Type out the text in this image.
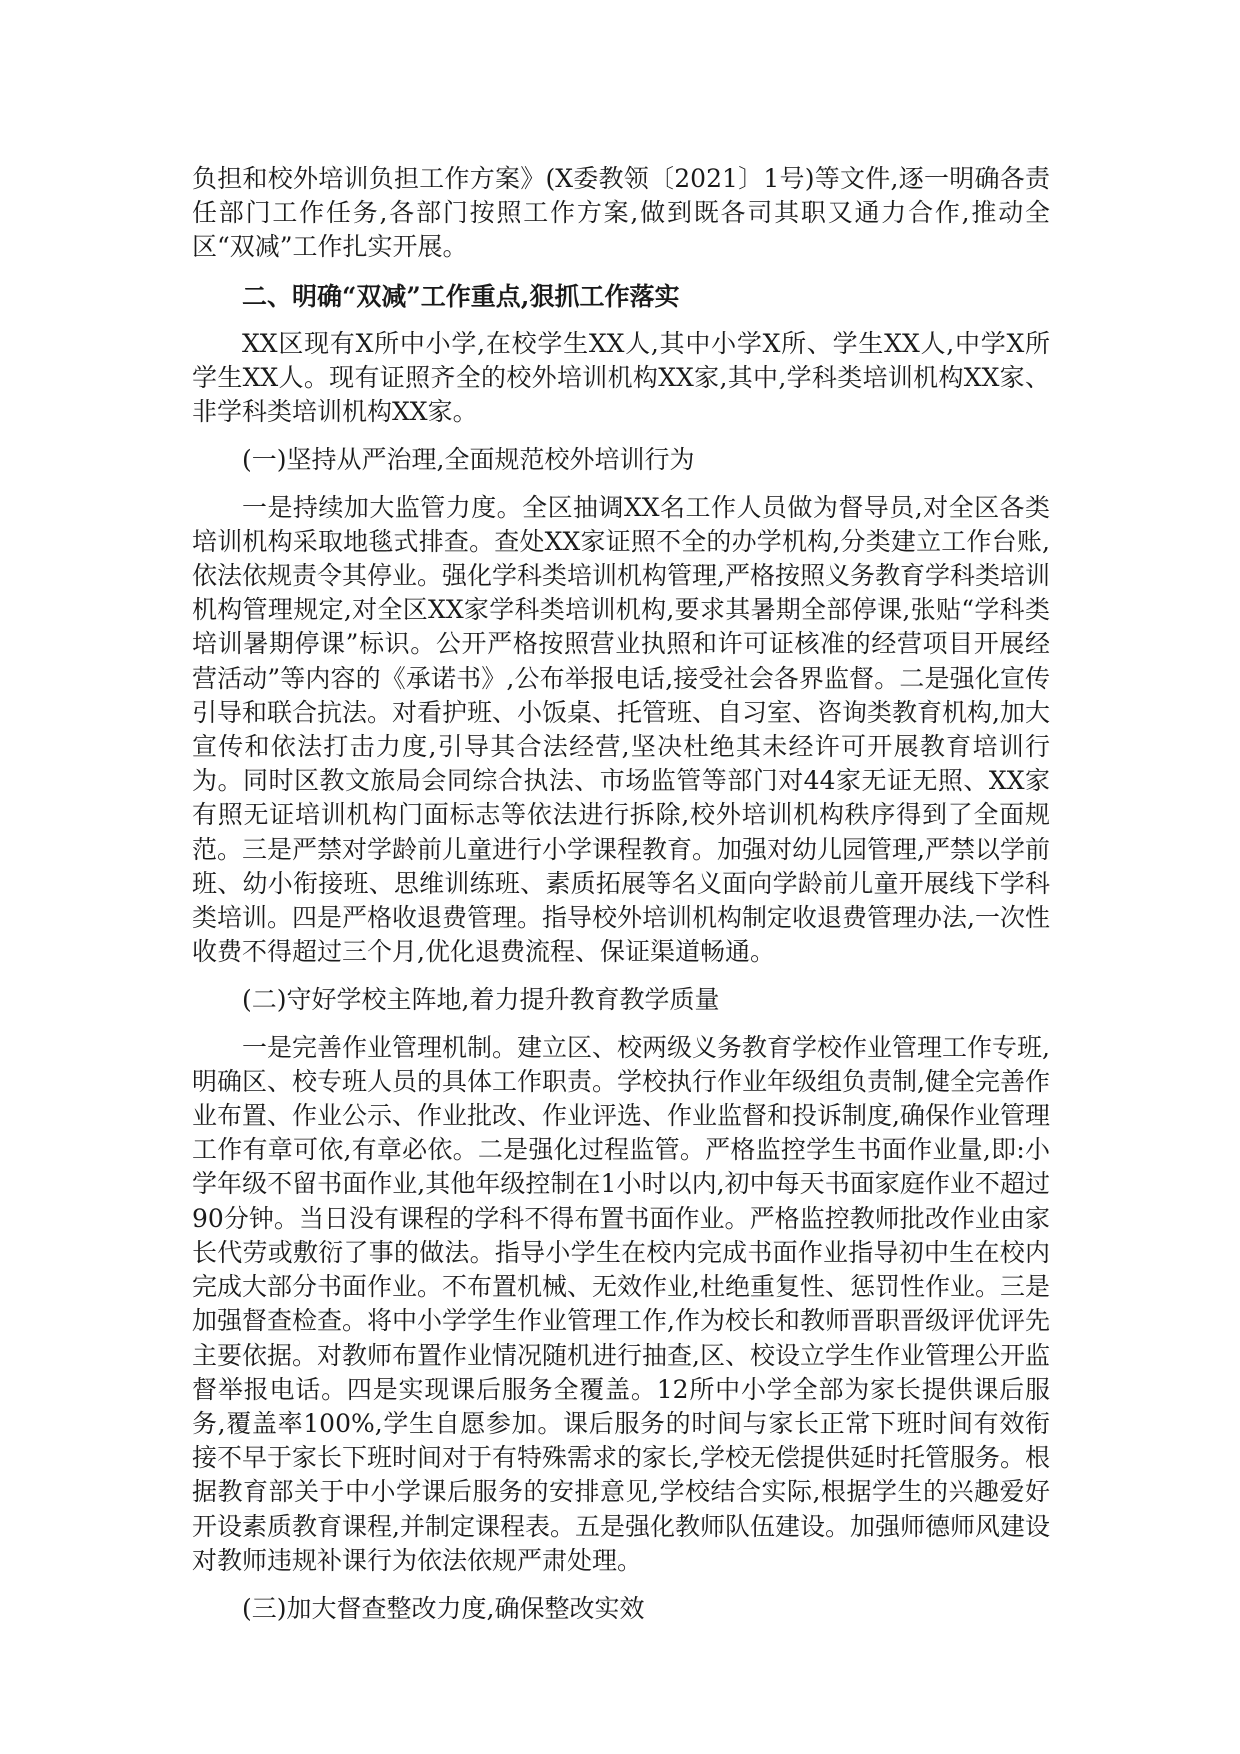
负担和校外培训负担工作方案》(X委教领〔2021〕1号)等文件,逐一明确各责任部门工作任务,各部门按照工作方案,做到既各司其职又通力合作,推动全区“双减”工作扎实开展。

二、明确“双减”工作重点,狠抓工作落实

XX区现有X所中小学,在校学生XX人,其中小学X所、学生XX人,中学X所学生XX人。现有证照齐全的校外培训机构XX家,其中,学科类培训机构XX家、非学科类培训机构XX家。

(一)坚持从严治理,全面规范校外培训行为

一是持续加大监管力度。全区抽调XX名工作人员做为督导员,对全区各类培训机构采取地毯式排查。查处XX家证照不全的办学机构,分类建立工作台账,依法依规责令其停业。强化学科类培训机构管理,严格按照义务教育学科类培训机构管理规定,对全区XX家学科类培训机构,要求其暑期全部停课,张贴“学科类培训暑期停课”标识。公开严格按照营业执照和许可证核准的经营项目开展经营活动”等内容的《承诺书》,公布举报电话,接受社会各界监督。二是强化宣传引导和联合抗法。对看护班、小饭桌、托管班、自习室、咨询类教育机构,加大宣传和依法打击力度,引导其合法经营,坚决杜绝其未经许可开展教育培训行为。同时区教文旅局会同综合执法、市场监管等部门对44家无证无照、XX家有照无证培训机构门面标志等依法进行拆除,校外培训机构秩序得到了全面规范。三是严禁对学龄前儿童进行小学课程教育。加强对幼儿园管理,严禁以学前班、幼小衔接班、思维训练班、素质拓展等名义面向学龄前儿童开展线下学科类培训。四是严格收退费管理。指导校外培训机构制定收退费管理办法,一次性收费不得超过三个月,优化退费流程、保证渠道畅通。

(二)守好学校主阵地,着力提升教育教学质量

一是完善作业管理机制。建立区、校两级义务教育学校作业管理工作专班,明确区、校专班人员的具体工作职责。学校执行作业年级组负责制,健全完善作业布置、作业公示、作业批改、作业评选、作业监督和投诉制度,确保作业管理工作有章可依,有章必依。二是强化过程监管。严格监控学生书面作业量,即:小学年级不留书面作业,其他年级控制在1小时以内,初中每天书面家庭作业不超过90分钟。当日没有课程的学科不得布置书面作业。严格监控教师批改作业由家长代劳或敷衍了事的做法。指导小学生在校内完成书面作业指导初中生在校内完成大部分书面作业。不布置机械、无效作业,杜绝重复性、惩罚性作业。三是加强督查检查。将中小学学生作业管理工作,作为校长和教师晋职晋级评优评先主要依据。对教师布置作业情况随机进行抽查,区、校设立学生作业管理公开监督举报电话。四是实现课后服务全覆盖。12所中小学全部为家长提供课后服务,覆盖率100%,学生自愿参加。课后服务的时间与家长正常下班时间有效衔接不早于家长下班时间对于有特殊需求的家长,学校无偿提供延时托管服务。根据教育部关于中小学课后服务的安排意见,学校结合实际,根据学生的兴趣爱好开设素质教育课程,并制定课程表。五是强化教师队伍建设。加强师德师风建设对教师违规补课行为依法依规严肃处理。

(三)加大督查整改力度,确保整改实效
